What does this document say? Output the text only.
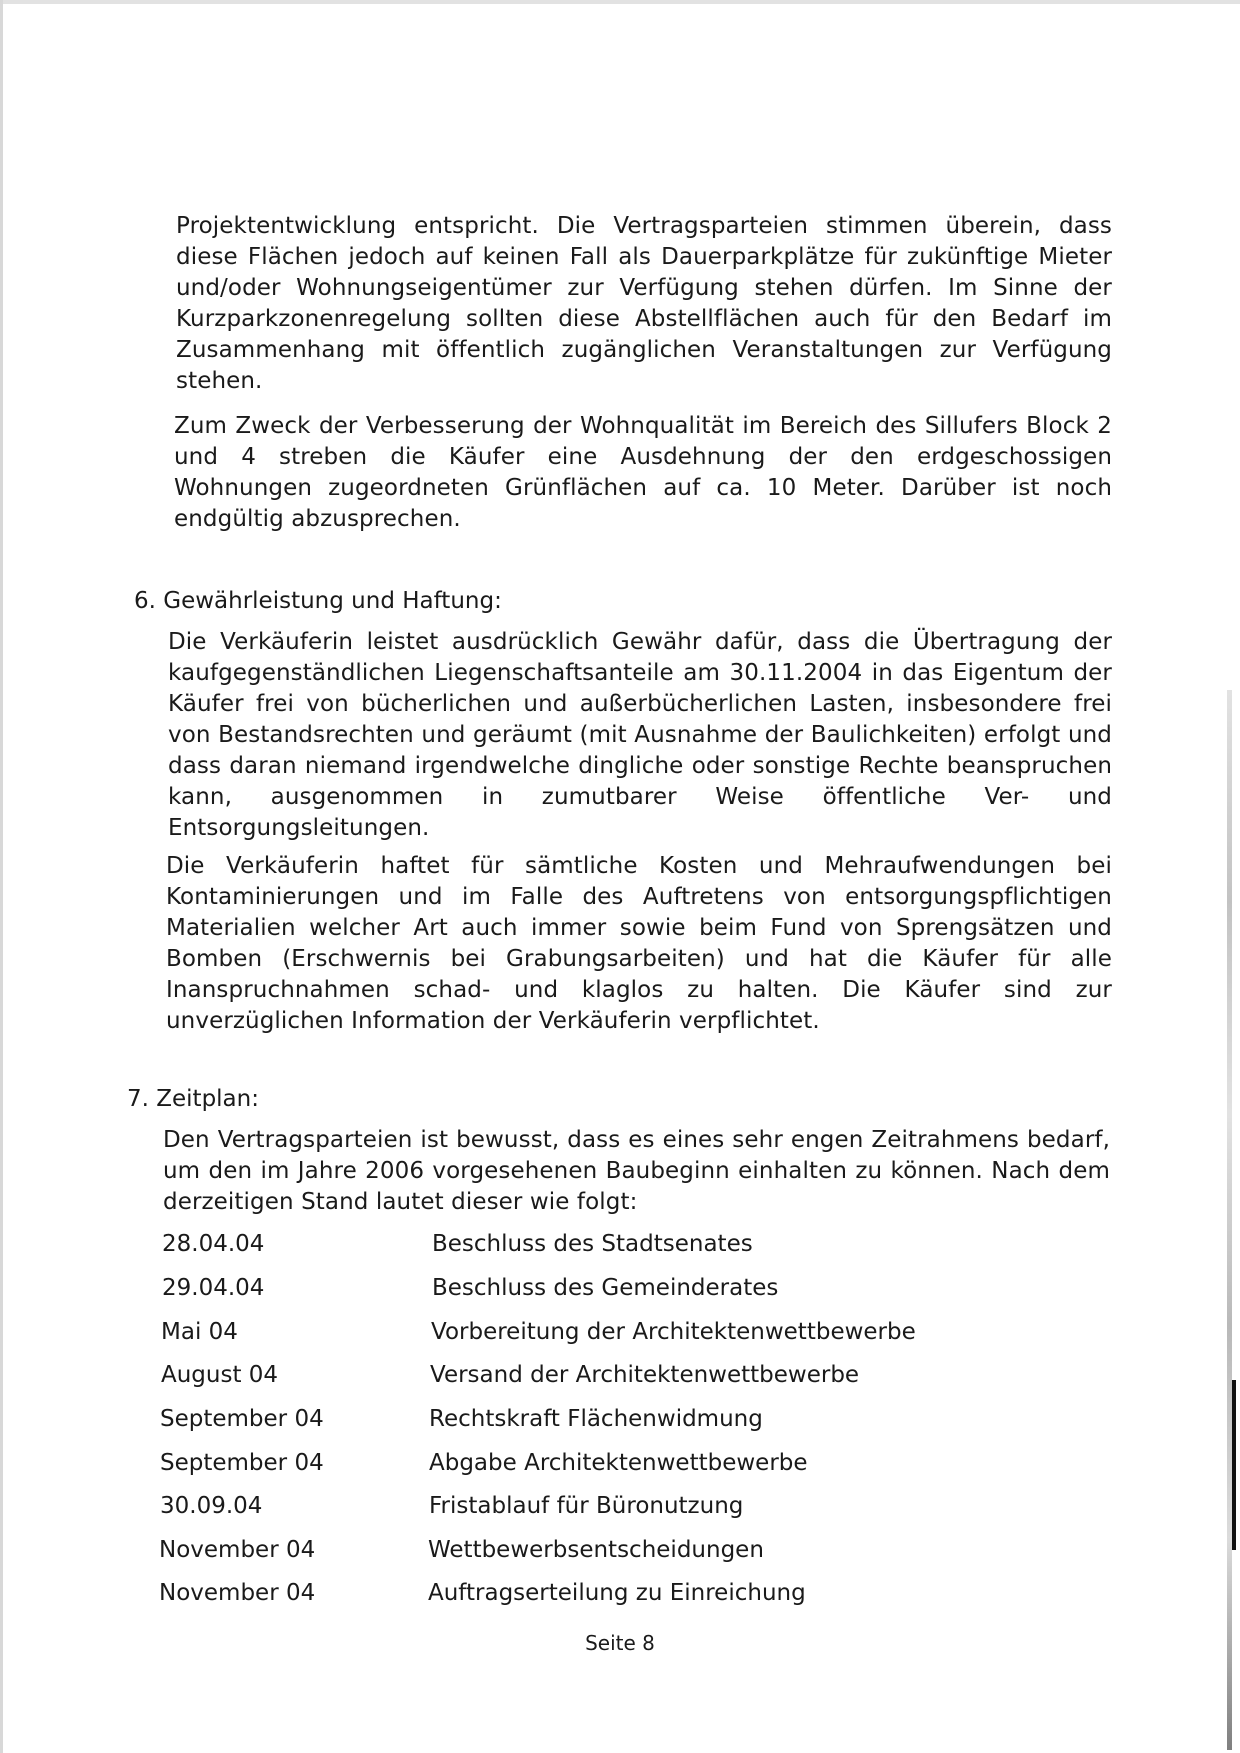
Projektentwicklung entspricht. Die Vertragsparteien stimmen überein, dass diese Flächen jedoch auf keinen Fall als Dauerparkplätze für zukünftige Mieter und/oder Wohnungseigentümer zur Verfügung stehen dürfen. Im Sinne der Kurzparkzonenregelung sollten diese Abstellflächen auch für den Bedarf im Zusammenhang mit öffentlich zugänglichen Veranstaltungen zur Verfügung stehen.

Zum Zweck der Verbesserung der Wohnqualität im Bereich des Sillufers Block 2 und 4 streben die Käufer eine Ausdehnung der den erdgeschossigen Wohnungen zugeordneten Grünflächen auf ca. 10 Meter. Darüber ist noch endgültig abzusprechen.

6. Gewährleistung und Haftung:

Die Verkäuferin leistet ausdrücklich Gewähr dafür, dass die Übertragung der kaufgegenständlichen Liegenschaftsanteile am 30.11.2004 in das Eigentum der Käufer frei von bücherlichen und außerbücherlichen Lasten, insbesondere frei von Bestandsrechten und geräumt (mit Ausnahme der Baulichkeiten) erfolgt und dass daran niemand irgendwelche dingliche oder sonstige Rechte beanspruchen kann, ausgenommen in zumutbarer Weise öffentliche Ver- und Entsorgungsleitungen.

Die Verkäuferin haftet für sämtliche Kosten und Mehraufwendungen bei Kontaminierungen und im Falle des Auftretens von entsorgungspflichtigen Materialien welcher Art auch immer sowie beim Fund von Sprengsätzen und Bomben (Erschwernis bei Grabungsarbeiten) und hat die Käufer für alle Inanspruchnahmen schad- und klaglos zu halten. Die Käufer sind zur unverzüglichen Information der Verkäuferin verpflichtet.

7. Zeitplan:

Den Vertragsparteien ist bewusst, dass es eines sehr engen Zeitrahmens bedarf, um den im Jahre 2006 vorgesehenen Baubeginn einhalten zu können. Nach dem derzeitigen Stand lautet dieser wie folgt:

28.04.04	Beschluss des Stadtsenates
29.04.04	Beschluss des Gemeinderates
Mai 04	Vorbereitung der Architektenwettbewerbe
August 04	Versand der Architektenwettbewerbe
September 04	Rechtskraft Flächenwidmung
September 04	Abgabe Architektenwettbewerbe
30.09.04	Fristablauf für Büronutzung
November 04	Wettbewerbsentscheidungen
November 04	Auftragserteilung zu Einreichung
Seite 8
